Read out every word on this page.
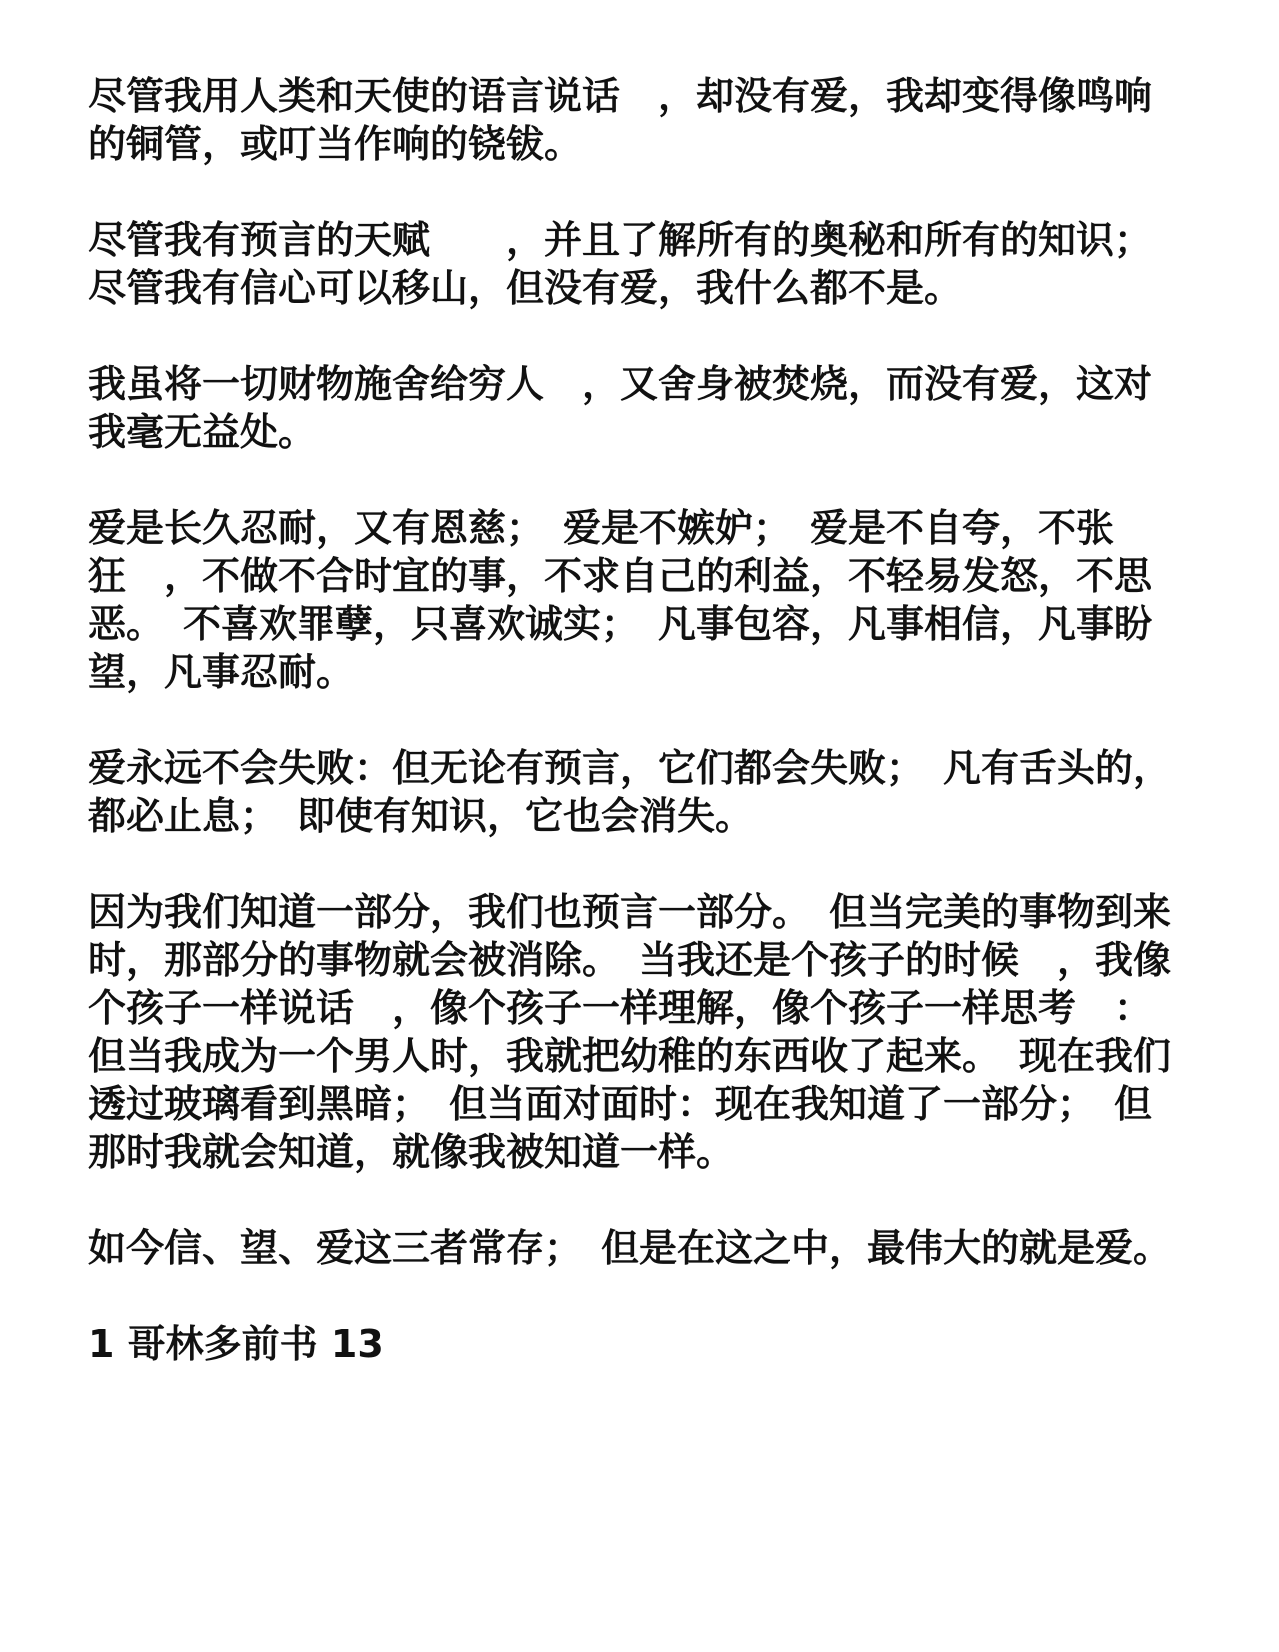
尽管我用人类和天使的语言说话　，却没有爱，我却变得像鸣响的铜管，或叮当作响的铙钹。

尽管我有预言的天赋　　，并且了解所有的奥秘和所有的知识；尽管我有信心可以移山，但没有爱，我什么都不是。

我虽将一切财物施舍给穷人　，又舍身被焚烧，而没有爱，这对我毫无益处。

爱是长久忍耐，又有恩慈；　爱是不嫉妒；　爱是不自夸，不张狂　，不做不合时宜的事，不求自己的利益，不轻易发怒，不思恶。　不喜欢罪孽，只喜欢诚实；　凡事包容，凡事相信，凡事盼望，凡事忍耐。

爱永远不会失败：但无论有预言，它们都会失败；　凡有舌头的，都必止息；　即使有知识，它也会消失。

因为我们知道一部分，我们也预言一部分。　但当完美的事物到来时，那部分的事物就会被消除。　当我还是个孩子的时候　，我像个孩子一样说话　，像个孩子一样理解，像个孩子一样思考　：但当我成为一个男人时，我就把幼稚的东西收了起来。　现在我们透过玻璃看到黑暗；　但当面对面时：现在我知道了一部分；　但那时我就会知道，就像我被知道一样。

如今信、望、爱这三者常存；　但是在这之中，最伟大的就是爱。

1 哥林多前书 13
